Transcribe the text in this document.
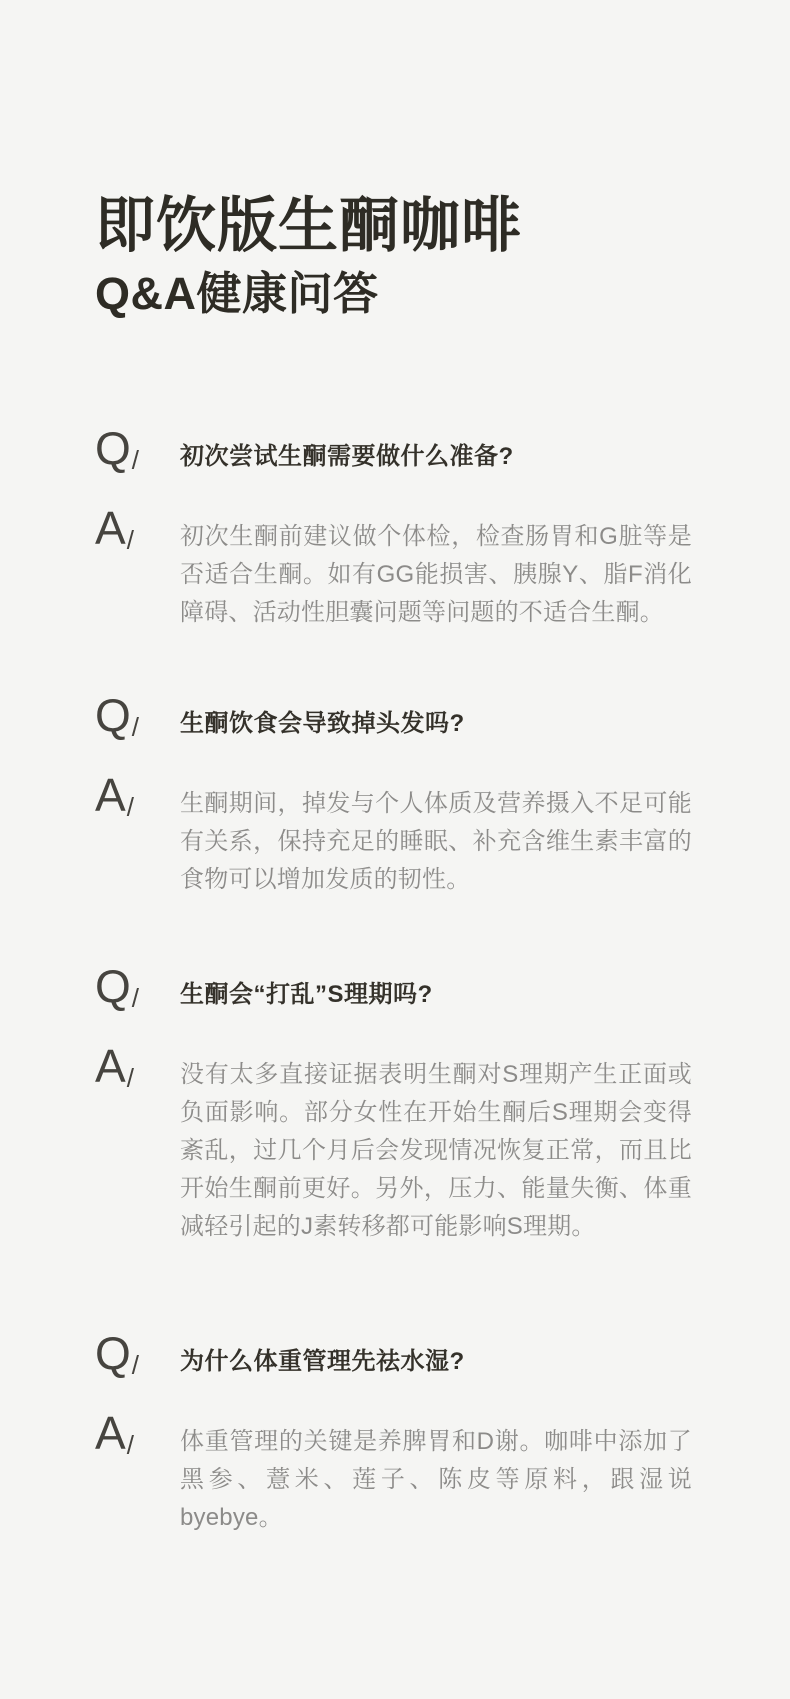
即饮版生酮咖啡
Q&A健康问答
Q/	初次尝试生酮需要做什么准备?
A/	初次生酮前建议做个体检，检查肠胃和G脏等是否适合生酮。如有GG能损害、胰腺Y、脂F消化障碍、活动性胆囊问题等问题的不适合生酮。

Q/	生酮饮食会导致掉头发吗?
A/	生酮期间，掉发与个人体质及营养摄入不足可能有关系，保持充足的睡眠、补充含维生素丰富的食物可以增加发质的韧性。

Q/	生酮会“打乱”S理期吗?
A/	没有太多直接证据表明生酮对S理期产生正面或负面影响。部分女性在开始生酮后S理期会变得紊乱，过几个月后会发现情况恢复正常，而且比开始生酮前更好。另外，压力、能量失衡、体重减轻引起的J素转移都可能影响S理期。

Q/	为什么体重管理先祛水湿?
A/	体重管理的关键是养脾胃和D谢。咖啡中添加了黑参、薏米、莲子、陈皮等原料，跟湿说byebye。
